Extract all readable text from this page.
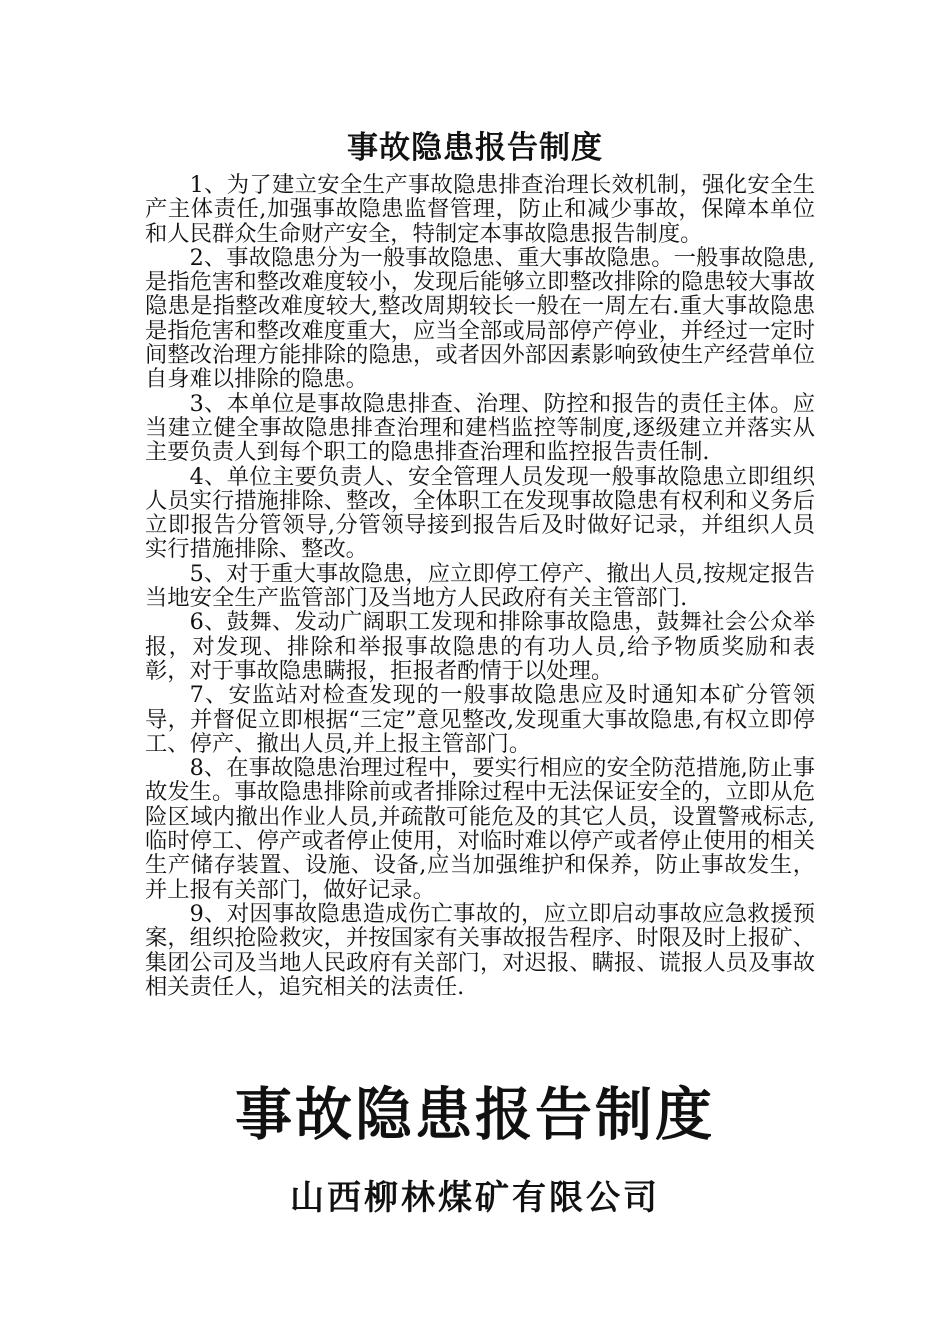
事故隐患报告制度

1、为了建立安全生产事故隐患排查治理长效机制，强化安全生产主体责任,加强事故隐患监督管理，防止和减少事故，保障本单位和人民群众生命财产安全，特制定本事故隐患报告制度。

2、事故隐患分为一般事故隐患、重大事故隐患。一般事故隐患,是指危害和整改难度较小，发现后能够立即整改排除的隐患较大事故隐患是指整改难度较大,整改周期较长一般在一周左右.重大事故隐患是指危害和整改难度重大，应当全部或局部停产停业，并经过一定时间整改治理方能排除的隐患，或者因外部因素影响致使生产经营单位自身难以排除的隐患。

3、本单位是事故隐患排查、治理、防控和报告的责任主体。应当建立健全事故隐患排查治理和建档监控等制度,逐级建立并落实从主要负责人到每个职工的隐患排查治理和监控报告责任制.

4、单位主要负责人、安全管理人员发现一般事故隐患立即组织人员实行措施排除、整改，全体职工在发现事故隐患有权利和义务后立即报告分管领导,分管领导接到报告后及时做好记录，并组织人员实行措施排除、整改。

5、对于重大事故隐患，应立即停工停产、撤出人员,按规定报告当地安全生产监管部门及当地方人民政府有关主管部门.

6、鼓舞、发动广阔职工发现和排除事故隐患，鼓舞社会公众举报，对发现、排除和举报事故隐患的有功人员,给予物质奖励和表彰，对于事故隐患瞒报，拒报者酌情于以处理。

7、安监站对检查发现的一般事故隐患应及时通知本矿分管领导，并督促立即根据“三定”意见整改,发现重大事故隐患,有权立即停工、停产、撤出人员,并上报主管部门。

8、在事故隐患治理过程中，要实行相应的安全防范措施,防止事故发生。事故隐患排除前或者排除过程中无法保证安全的，立即从危险区域内撤出作业人员,并疏散可能危及的其它人员，设置警戒标志,临时停工、停产或者停止使用，对临时难以停产或者停止使用的相关生产储存装置、设施、设备,应当加强维护和保养，防止事故发生，并上报有关部门，做好记录。

9、对因事故隐患造成伤亡事故的，应立即启动事故应急救援预案，组织抢险救灾，并按国家有关事故报告程序、时限及时上报矿、集团公司及当地人民政府有关部门，对迟报、瞒报、谎报人员及事故相关责任人，追究相关的法责任.

事故隐患报告制度
山西柳林煤矿有限公司
